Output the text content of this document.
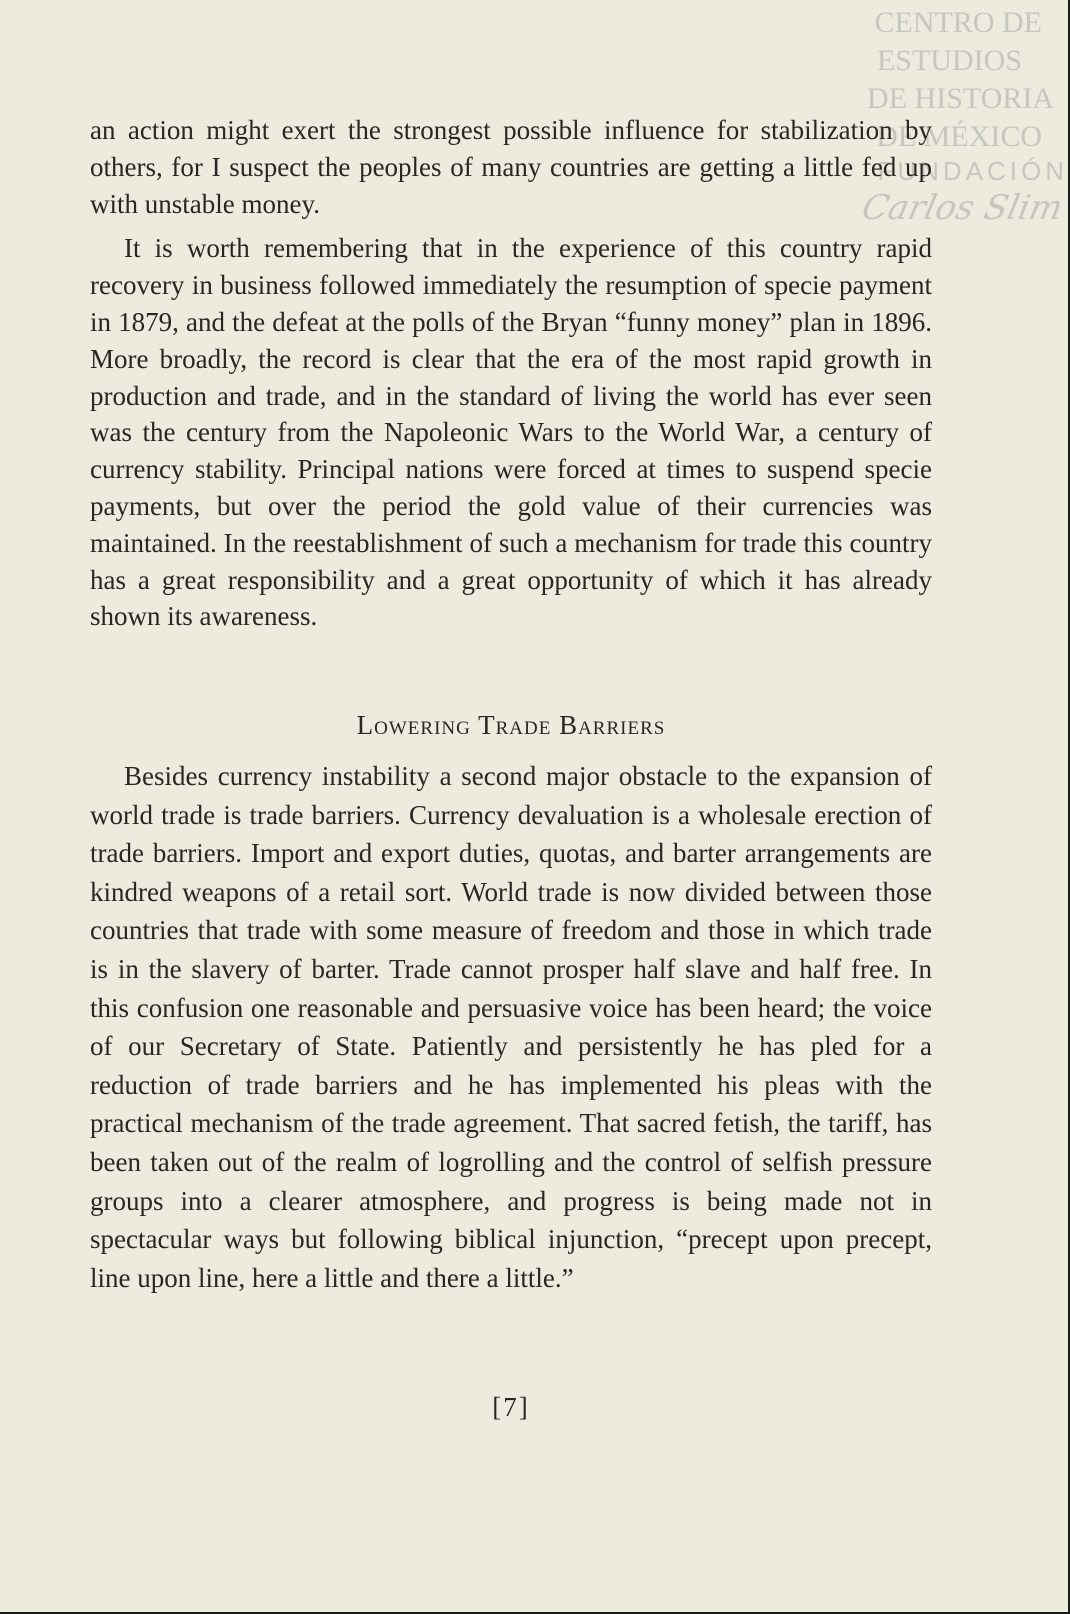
CENTRO DE
ESTUDIOS
DE HISTORIA
DE MÉXICO
FUNDACIÓN
Carlos Slim

an action might exert the strongest possible influence for stabilization by others, for I suspect the peoples of many countries are getting a little fed up with unstable money.

It is worth remembering that in the experience of this country rapid recovery in business followed immediately the resumption of specie payment in 1879, and the defeat at the polls of the Bryan “funny money” plan in 1896. More broadly, the record is clear that the era of the most rapid growth in production and trade, and in the standard of living the world has ever seen was the century from the Napoleonic Wars to the World War, a century of currency stability. Principal nations were forced at times to suspend specie payments, but over the period the gold value of their currencies was maintained. In the reestablishment of such a mechanism for trade this country has a great responsibility and a great opportunity of which it has already shown its awareness.

Lowering Trade Barriers

Besides currency instability a second major obstacle to the expansion of world trade is trade barriers. Currency devaluation is a wholesale erection of trade barriers. Import and export duties, quotas, and barter arrangements are kindred weapons of a retail sort. World trade is now divided between those countries that trade with some measure of freedom and those in which trade is in the slavery of barter. Trade cannot prosper half slave and half free. In this confusion one reasonable and persuasive voice has been heard; the voice of our Secretary of State. Patiently and persistently he has pled for a reduction of trade barriers and he has implemented his pleas with the practical mechanism of the trade agreement. That sacred fetish, the tariff, has been taken out of the realm of logrolling and the control of selfish pressure groups into a clearer atmosphere, and progress is being made not in spectacular ways but following biblical injunction, “precept upon precept, line upon line, here a little and there a little.”

[7]
